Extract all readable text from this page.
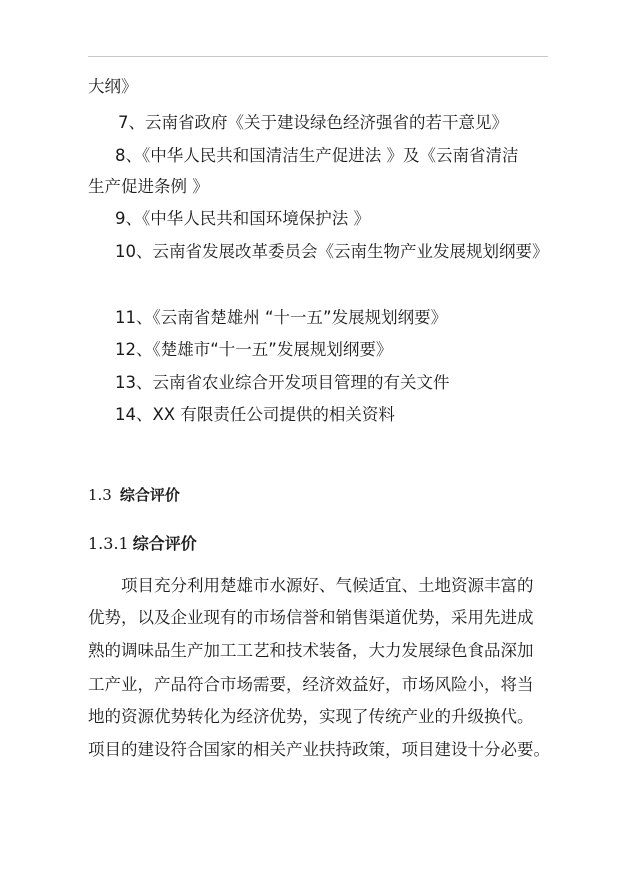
大纲》
7、云南省政府《关于建设绿色经济强省的若干意见》
8、《中华人民共和国清洁生产促进法 》及《云南省清洁
生产促进条例 》
9、《中华人民共和国环境保护法 》
10、云南省发展改革委员会《云南生物产业发展规划纲要》
11、《云南省楚雄州 “十一五”发展规划纲要》
12、《楚雄市“十一五”发展规划纲要》
13、云南省农业综合开发项目管理的有关文件
14、XX 有限责任公司提供的相关资料
1.3 综合评价
1.3.1 综合评价
项目充分利用楚雄市水源好、气候适宜、土地资源丰富的
优势，以及企业现有的市场信誉和销售渠道优势，采用先进成
熟的调味品生产加工工艺和技术装备，大力发展绿色食品深加
工产业，产品符合市场需要，经济效益好，市场风险小，将当
地的资源优势转化为经济优势，实现了传统产业的升级换代。
项目的建设符合国家的相关产业扶持政策，项目建设十分必要。
